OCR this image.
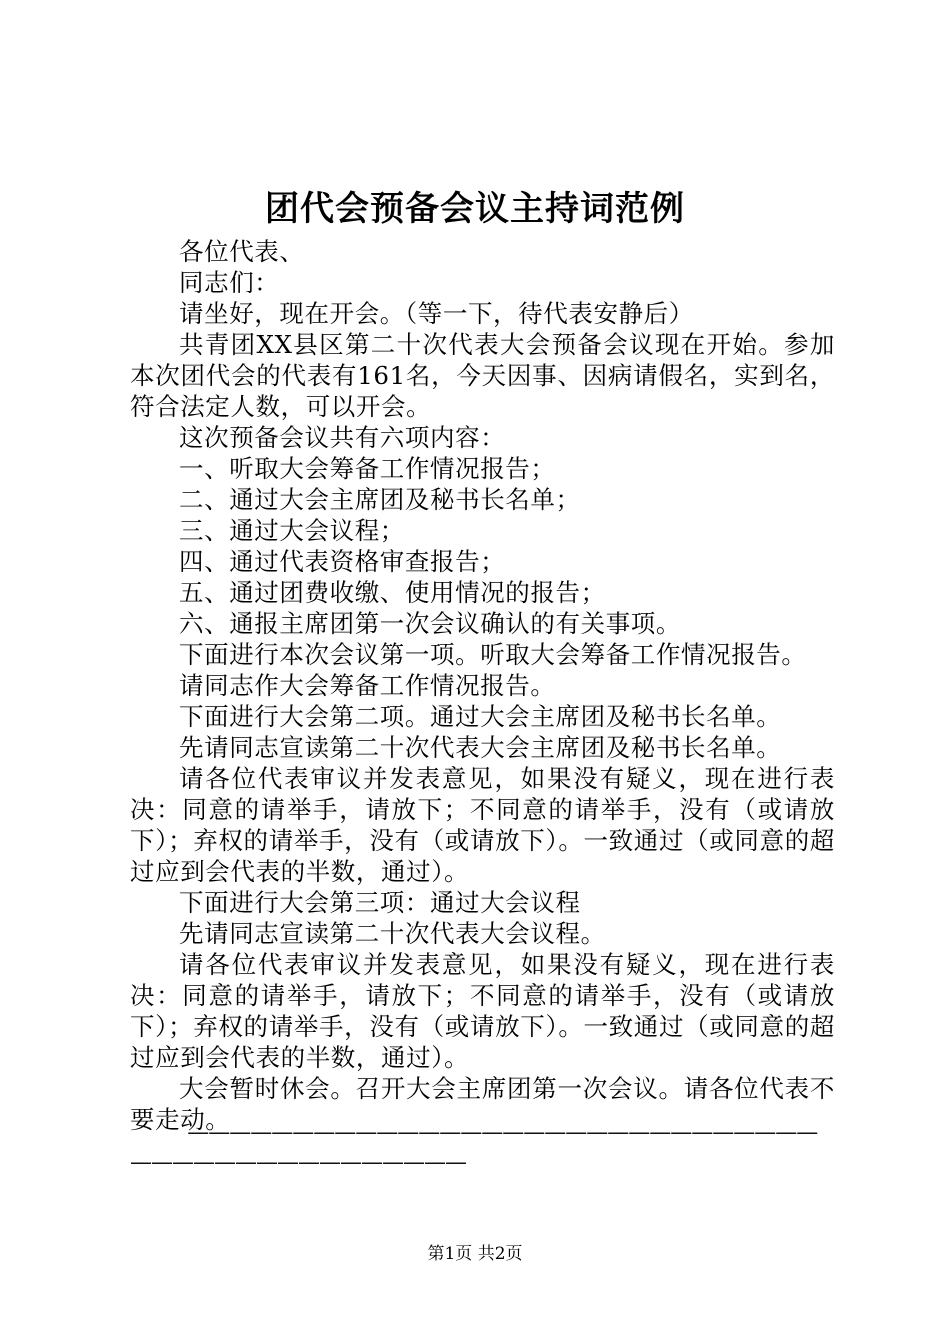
团代会预备会议主持词范例

各位代表、

同志们：

请坐好，现在开会。（等一下，待代表安静后）

共青团XX县区第二十次代表大会预备会议现在开始。参加本次团代会的代表有161名，今天因事、因病请假名，实到名，符合法定人数，可以开会。

这次预备会议共有六项内容：

一、听取大会筹备工作情况报告；

二、通过大会主席团及秘书长名单；

三、通过大会议程；

四、通过代表资格审查报告；

五、通过团费收缴、使用情况的报告；

六、通报主席团第一次会议确认的有关事项。

下面进行本次会议第一项。听取大会筹备工作情况报告。

请同志作大会筹备工作情况报告。

下面进行大会第二项。通过大会主席团及秘书长名单。

先请同志宣读第二十次代表大会主席团及秘书长名单。

请各位代表审议并发表意见，如果没有疑义，现在进行表决：同意的请举手，请放下；不同意的请举手，没有（或请放下）；弃权的请举手，没有（或请放下）。一致通过（或同意的超过应到会代表的半数，通过）。

下面进行大会第三项：通过大会议程

先请同志宣读第二十次代表大会议程。

请各位代表审议并发表意见，如果没有疑义，现在进行表决：同意的请举手，请放下；不同意的请举手，没有（或请放下）；弃权的请举手，没有（或请放下）。一致通过（或同意的超过应到会代表的半数，通过）。

大会暂时休会。召开大会主席团第一次会议。请各位代表不要走动。

——————————————————————————————————————————————
第1页 共2页
